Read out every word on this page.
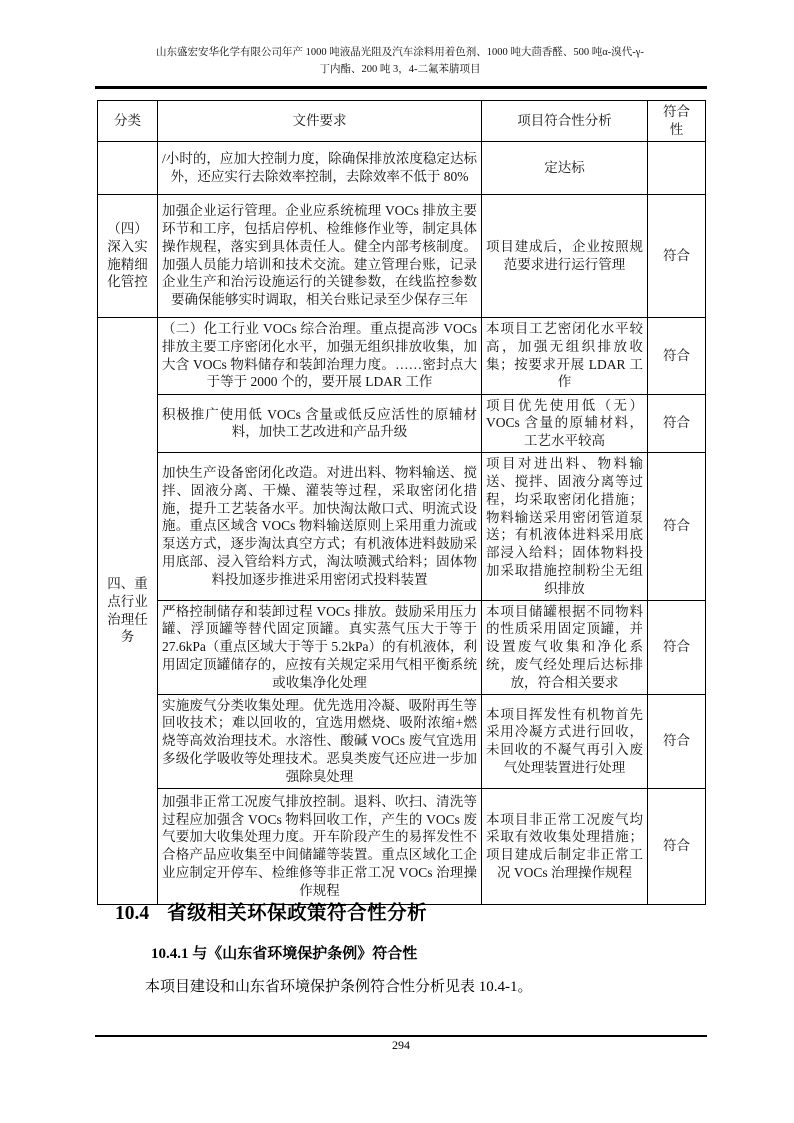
山东盛宏安华化学有限公司年产 1000 吨液晶光阻及汽车涂料用着色剂、1000 吨大茴香醛、500 吨α-溴代-γ-
丁内酯、200 吨 3，4-二氟苯腈项目
分类	文件要求	项目符合性分析	符合性
	/小时的，应加大控制力度，除确保排放浓度稳定达标外，还应实行去除效率控制，去除效率不低于 80%	定达标	
（四）深入实施精细化管控	加强企业运行管理。企业应系统梳理 VOCs 排放主要环节和工序，包括启停机、检维修作业等，制定具体操作规程，落实到具体责任人。健全内部考核制度。加强人员能力培训和技术交流。建立管理台账，记录企业生产和治污设施运行的关键参数，在线监控参数要确保能够实时调取，相关台账记录至少保存三年	项目建成后，企业按照规范要求进行运行管理	符合
四、重点行业治理任务	（二）化工行业 VOCs 综合治理。重点提高涉 VOCs 排放主要工序密闭化水平，加强无组织排放收集，加大含 VOCs 物料储存和装卸治理力度。……密封点大于等于 2000 个的，要开展 LDAR 工作	本项目工艺密闭化水平较高，加强无组织排放收集；按要求开展 LDAR 工作	符合
	积极推广使用低 VOCs 含量或低反应活性的原辅材料，加快工艺改进和产品升级	项目优先使用低（无）VOCs 含量的原辅材料，工艺水平较高	符合
	加快生产设备密闭化改造。对进出料、物料输送、搅拌、固液分离、干燥、灌装等过程，采取密闭化措施，提升工艺装备水平。加快淘汰敞口式、明流式设施。重点区域含 VOCs 物料输送原则上采用重力流或泵送方式，逐步淘汰真空方式；有机液体进料鼓励采用底部、浸入管给料方式，淘汰喷溅式给料；固体物料投加逐步推进采用密闭式投料装置	项目对进出料、物料输送、搅拌、固液分离等过程，均采取密闭化措施；物料输送采用密闭管道泵送；有机液体进料采用底部浸入给料；固体物料投加采取措施控制粉尘无组织排放	符合
	严格控制储存和装卸过程 VOCs 排放。鼓励采用压力罐、浮顶罐等替代固定顶罐。真实蒸气压大于等于 27.6kPa（重点区域大于等于 5.2kPa）的有机液体，利用固定顶罐储存的，应按有关规定采用气相平衡系统或收集净化处理	本项目储罐根据不同物料的性质采用固定顶罐，并设置废气收集和净化系统，废气经处理后达标排放，符合相关要求	符合
	实施废气分类收集处理。优先选用冷凝、吸附再生等回收技术；难以回收的，宜选用燃烧、吸附浓缩+燃烧等高效治理技术。水溶性、酸碱 VOCs 废气宜选用多级化学吸收等处理技术。恶臭类废气还应进一步加强除臭处理	本项目挥发性有机物首先采用冷凝方式进行回收，未回收的不凝气再引入废气处理装置进行处理	符合
	加强非正常工况废气排放控制。退料、吹扫、清洗等过程应加强含 VOCs 物料回收工作，产生的 VOCs 废气要加大收集处理力度。开车阶段产生的易挥发性不合格产品应收集至中间储罐等装置。重点区域化工企业应制定开停车、检维修等非正常工况 VOCs 治理操作规程	本项目非正常工况废气均采取有效收集处理措施；项目建成后制定非正常工况 VOCs 治理操作规程	符合
10.4 省级相关环保政策符合性分析
10.4.1 与《山东省环境保护条例》符合性
本项目建设和山东省环境保护条例符合性分析见表 10.4-1。
294
